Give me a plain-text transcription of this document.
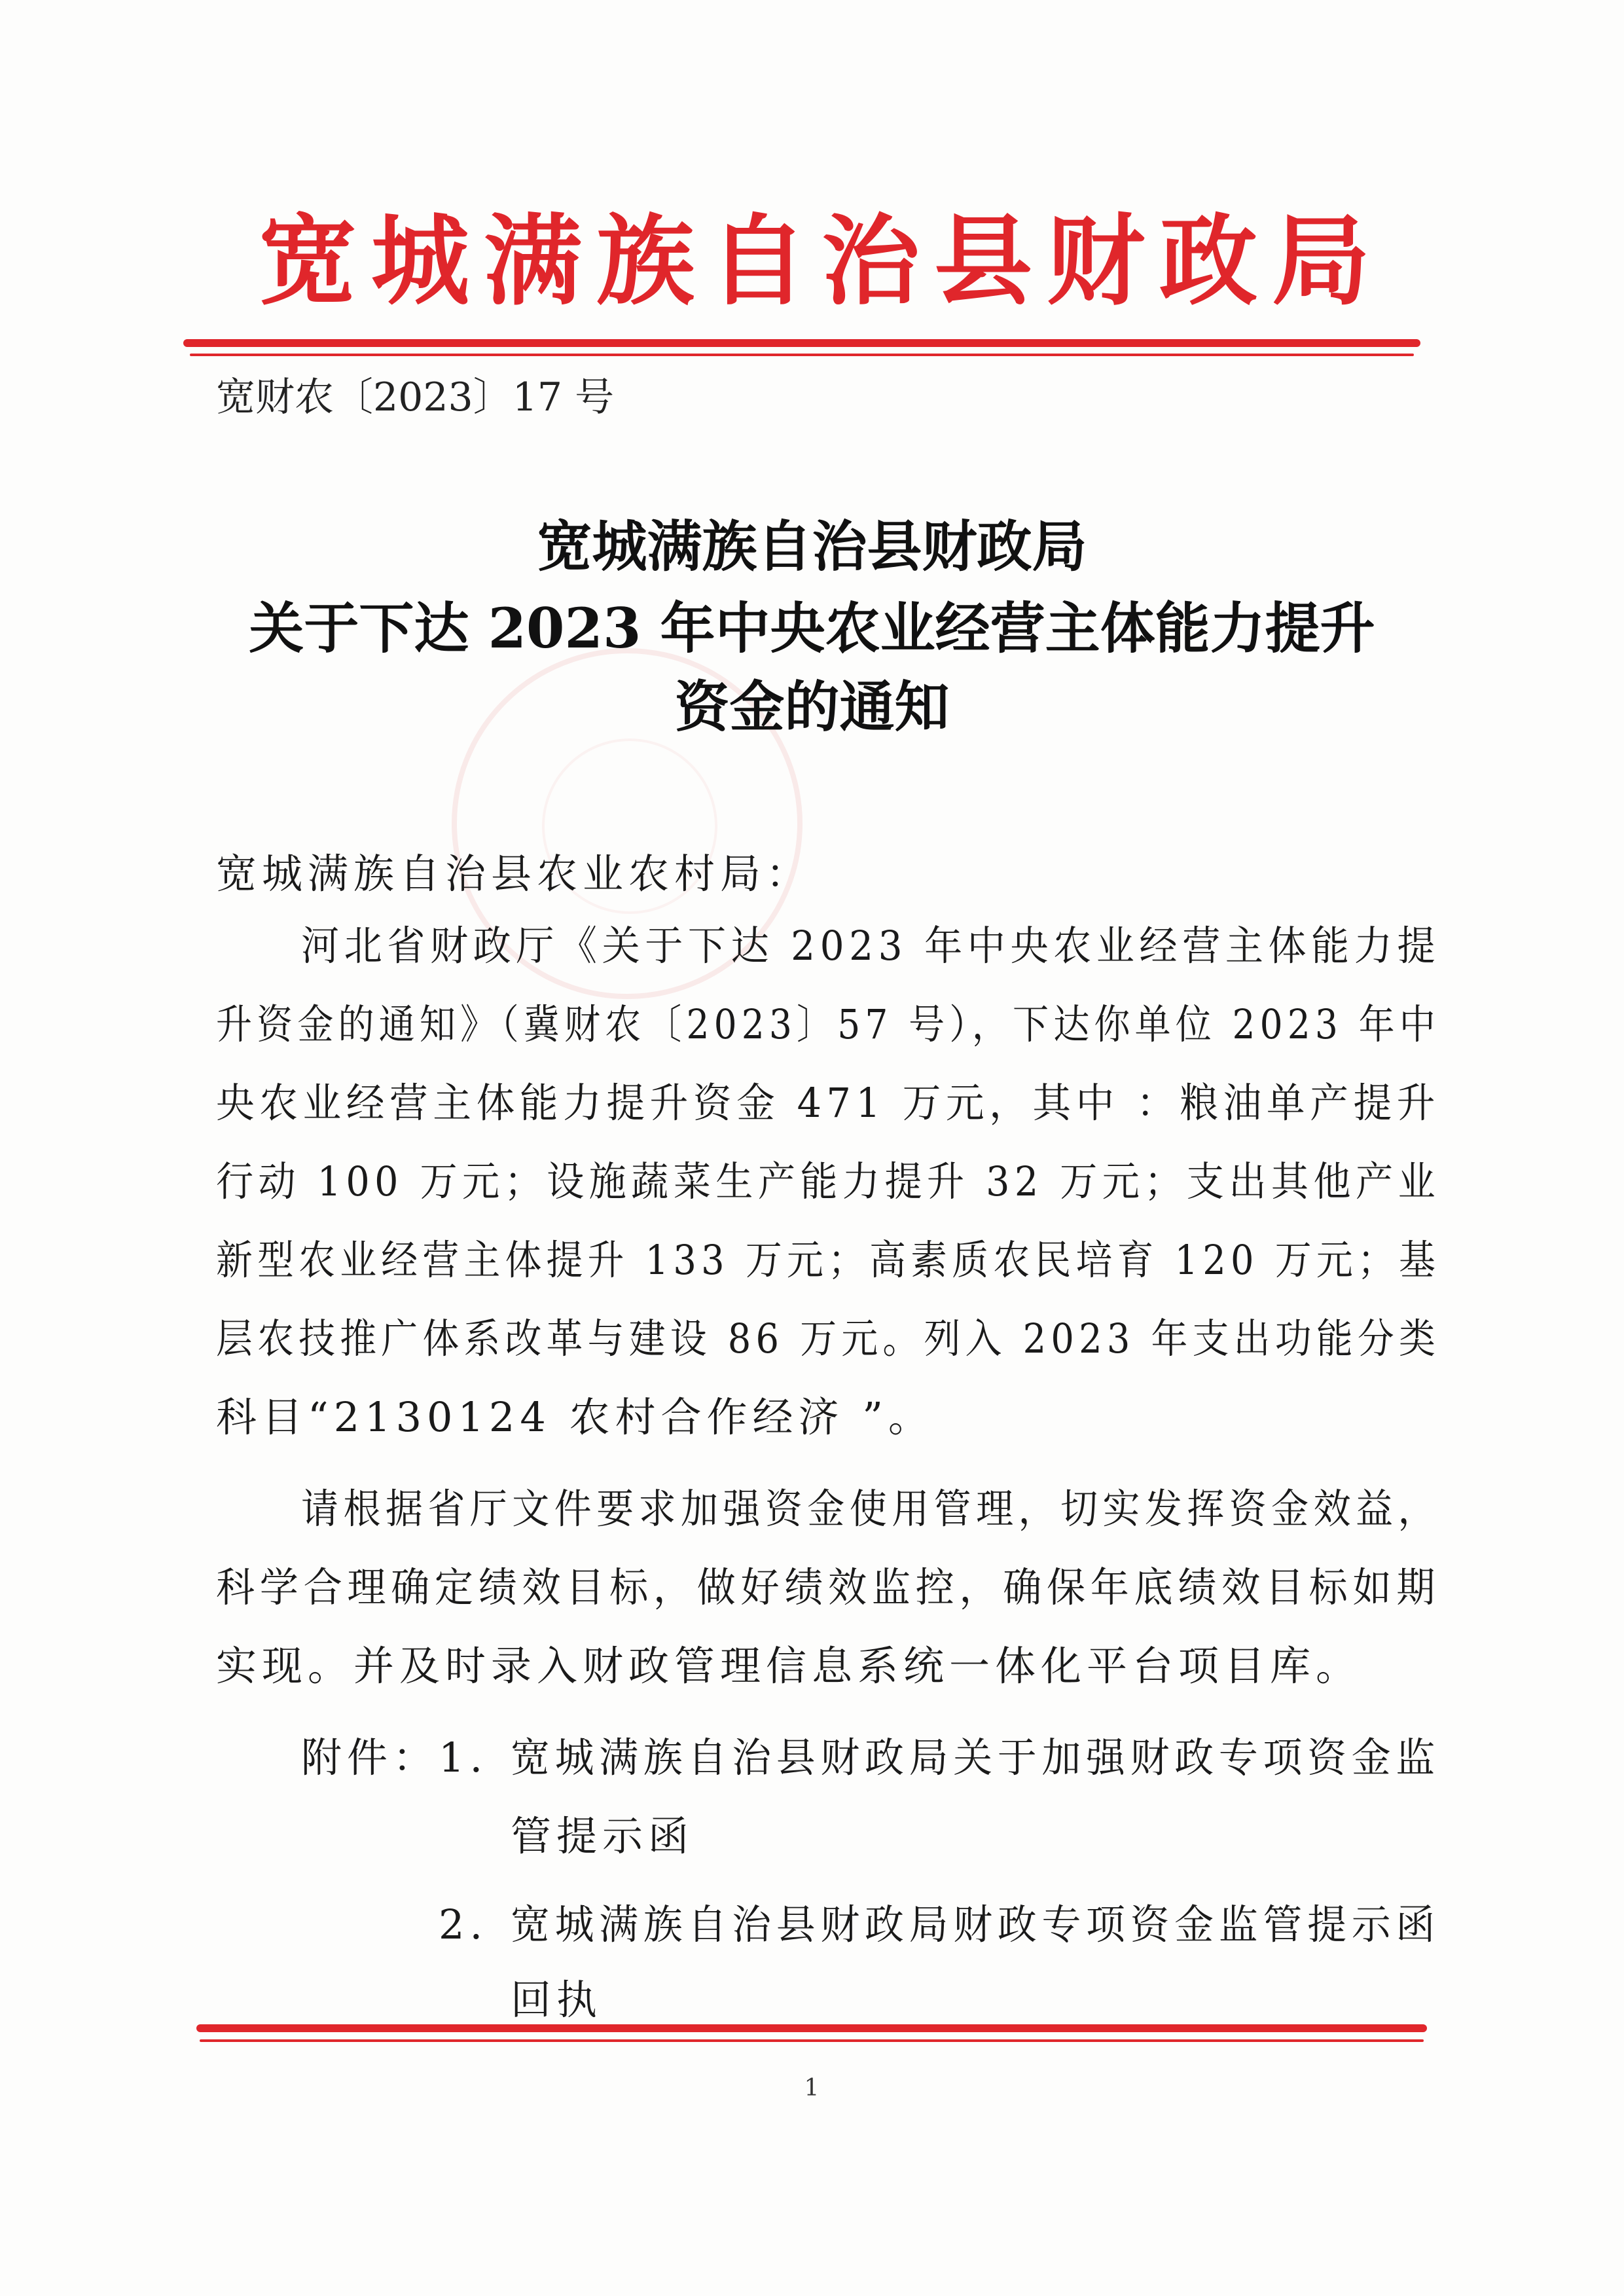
宽城满族自治县财政局
宽财农〔2023〕17 号
宽城满族自治县财政局
关于下达 2023 年中央农业经营主体能力提升
资金的通知
宽城满族自治县农业农村局：
河北省财政厅《关于下达 2023 年中央农业经营主体能力提
升资金的通知》（冀财农〔2023〕57 号），下达你单位 2023 年中
央农业经营主体能力提升资金 471 万元，其中 ：粮油单产提升
行动 100 万元；设施蔬菜生产能力提升 32 万元；支出其他产业
新型农业经营主体提升 133 万元；高素质农民培育 120 万元；基
层农技推广体系改革与建设 86 万元。列入 2023 年支出功能分类
科目“2130124 农村合作经济 ”。
请根据省厅文件要求加强资金使用管理，切实发挥资金效益，
科学合理确定绩效目标，做好绩效监控，确保年底绩效目标如期
实现。并及时录入财政管理信息系统一体化平台项目库。
附件： 1. 宽城满族自治县财政局关于加强财政专项资金监
管提示函
2. 宽城满族自治县财政局财政专项资金监管提示函
回执
1
